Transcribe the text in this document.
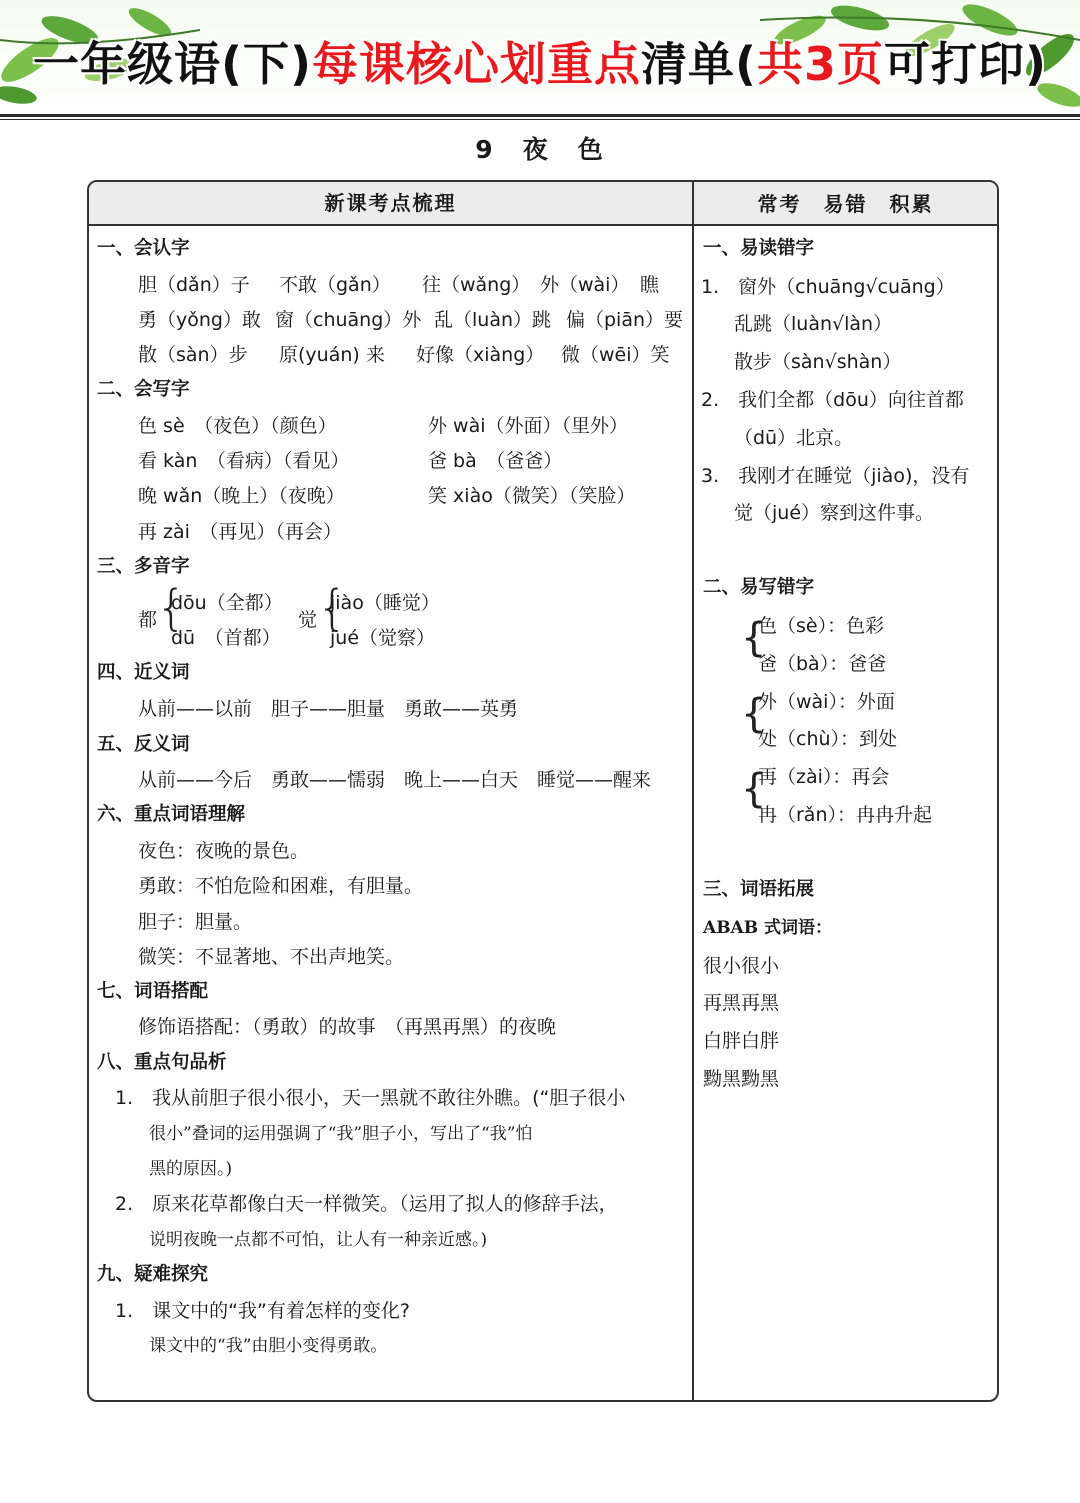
一年级语(下)每课核心划重点清单(共3页可打印)
9 夜 色
新课考点梳理	常考　易错　积累
一、会认字
胆（dǎn）子 不敢（gǎn） 往（wǎng） 外（wài） 瞧
勇（yǒng）敢 窗（chuāng）外 乱（luàn）跳 偏（piān）要
散（sàn）步 原(yuán) 来 好像（xiàng） 微（wēi）笑
二、会写字
色 sè　（夜色）（颜色）	外 wài（外面）（里外）
看 kàn　（看病）（看见）	爸 bà　（爸爸）
晚 wǎn（晚上）（夜晚）	笑 xiào（微笑）（笑脸）
再 zài　（再见）（再会）
三、多音字
都
{
dōu（全都）
dū　（首都）
觉 {
jiào（睡觉）
jué（觉察）
四、近义词
从前——以前　胆子——胆量　勇敢——英勇
五、反义词
从前——今后　勇敢——懦弱　晚上——白天　睡觉——醒来
六、重点词语理解
夜色：夜晚的景色。
勇敢：不怕危险和困难，有胆量。
胆子：胆量。
微笑：不显著地、不出声地笑。
七、词语搭配
修饰语搭配：（勇敢）的故事　（再黑再黑）的夜晚
八、重点句品析
1.　我从前胆子很小很小，天一黑就不敢往外瞧。(“胆子很小
很小”叠词的运用强调了“我”胆子小，写出了“我”怕
黑的原因。)
2.　原来花草都像白天一样微笑。（运用了拟人的修辞手法，
说明夜晚一点都不可怕，让人有一种亲近感。)
九、疑难探究
1.　课文中的“我”有着怎样的变化?
课文中的“我”由胆小变得勇敢。
一、易读错字
1.　窗外（chuāng√cuāng）
乱跳（luàn√làn）
散步（sàn√shàn）
2.　我们全都（dōu）向往首都
（dū）北京。
3.　我刚才在睡觉（jiào)，没有
觉（jué）察到这件事。
二、易写错字
{
色（sè）：色彩
爸（bà）：爸爸
{
外（wài）：外面
处（chù）：到处
{
再（zài）：再会
冉（rǎn）：冉冉升起
三、词语拓展
ABAB 式词语：
很小很小
再黑再黑
白胖白胖
黝黑黝黑
